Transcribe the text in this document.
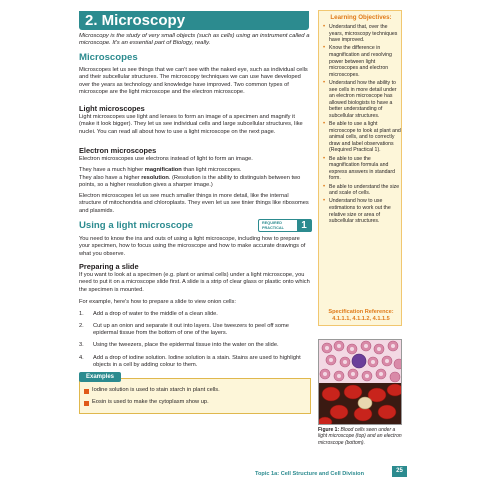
2. Microscopy
Microscopy is the study of very small objects (such as cells) using an instrument called a microscope. It's an essential part of Biology, really.
Microscopes
Microscopes let us see things that we can't see with the naked eye, such as individual cells and their subcellular structures. The microscopy techniques we can use have developed over the years as technology and knowledge have improved. Two common types of microscope are the light microscope and the electron microscope.
Light microscopes
Light microscopes use light and lenses to form an image of a specimen and magnify it (make it look bigger). They let us see individual cells and large subcellular structures, like nuclei. You can read all about how to use a light microscope on the next page.
Electron microscopes
Electron microscopes use electrons instead of light to form an image.
They have a much higher magnification than light microscopes.
They also have a higher resolution. (Resolution is the ability to distinguish between two points, so a higher resolution gives a sharper image.)
Electron microscopes let us see much smaller things in more detail, like the internal structure of mitochondria and chloroplasts. They even let us see tinier things like ribosomes and plasmids.
Using a light microscope	REQUIRED PRACTICAL	1
You need to know the ins and outs of using a light microscope, including how to prepare your specimen, how to focus using the microscope and how to make accurate drawings of what you observe.
Preparing a slide
If you want to look at a specimen (e.g. plant or animal cells) under a light microscope, you need to put it on a microscope slide first. A slide is a strip of clear glass or plastic onto which the specimen is mounted.
For example, here's how to prepare a slide to view onion cells:
1.	Add a drop of water to the middle of a clean slide.
2.	Cut up an onion and separate it out into layers. Use tweezers to peel off some epidermal tissue from the bottom of one of the layers.
3.	Using the tweezers, place the epidermal tissue into the water on the slide.
4.	Add a drop of iodine solution. Iodine solution is a stain. Stains are used to highlight objects in a cell by adding colour to them.
Examples
Iodine solution is used to stain starch in plant cells.
Eosin is used to make the cytoplasm show up.
Learning Objectives:
• Understand that, over the years, microscopy techniques have improved.
• Know the difference in magnification and resolving power between light microscopes and electron microscopes.
• Understand how the ability to see cells in more detail under an electron microscope has allowed biologists to have a better understanding of subcellular structures.
• Be able to use a light microscope to look at plant and animal cells, and to correctly draw and label observations (Required Practical 1).
• Be able to use the magnification formula and express answers in standard form.
• Be able to understand the size and scale of cells.
• Understand how to use estimations to work out the relative size or area of subcellular structures.
Specification Reference:
4.1.1.1, 4.1.1.2, 4.1.1.5
Figure 1: Blood cells seen under a light microscope (top) and an electron microscope (bottom).
Topic 1a: Cell Structure and Cell Division	25
